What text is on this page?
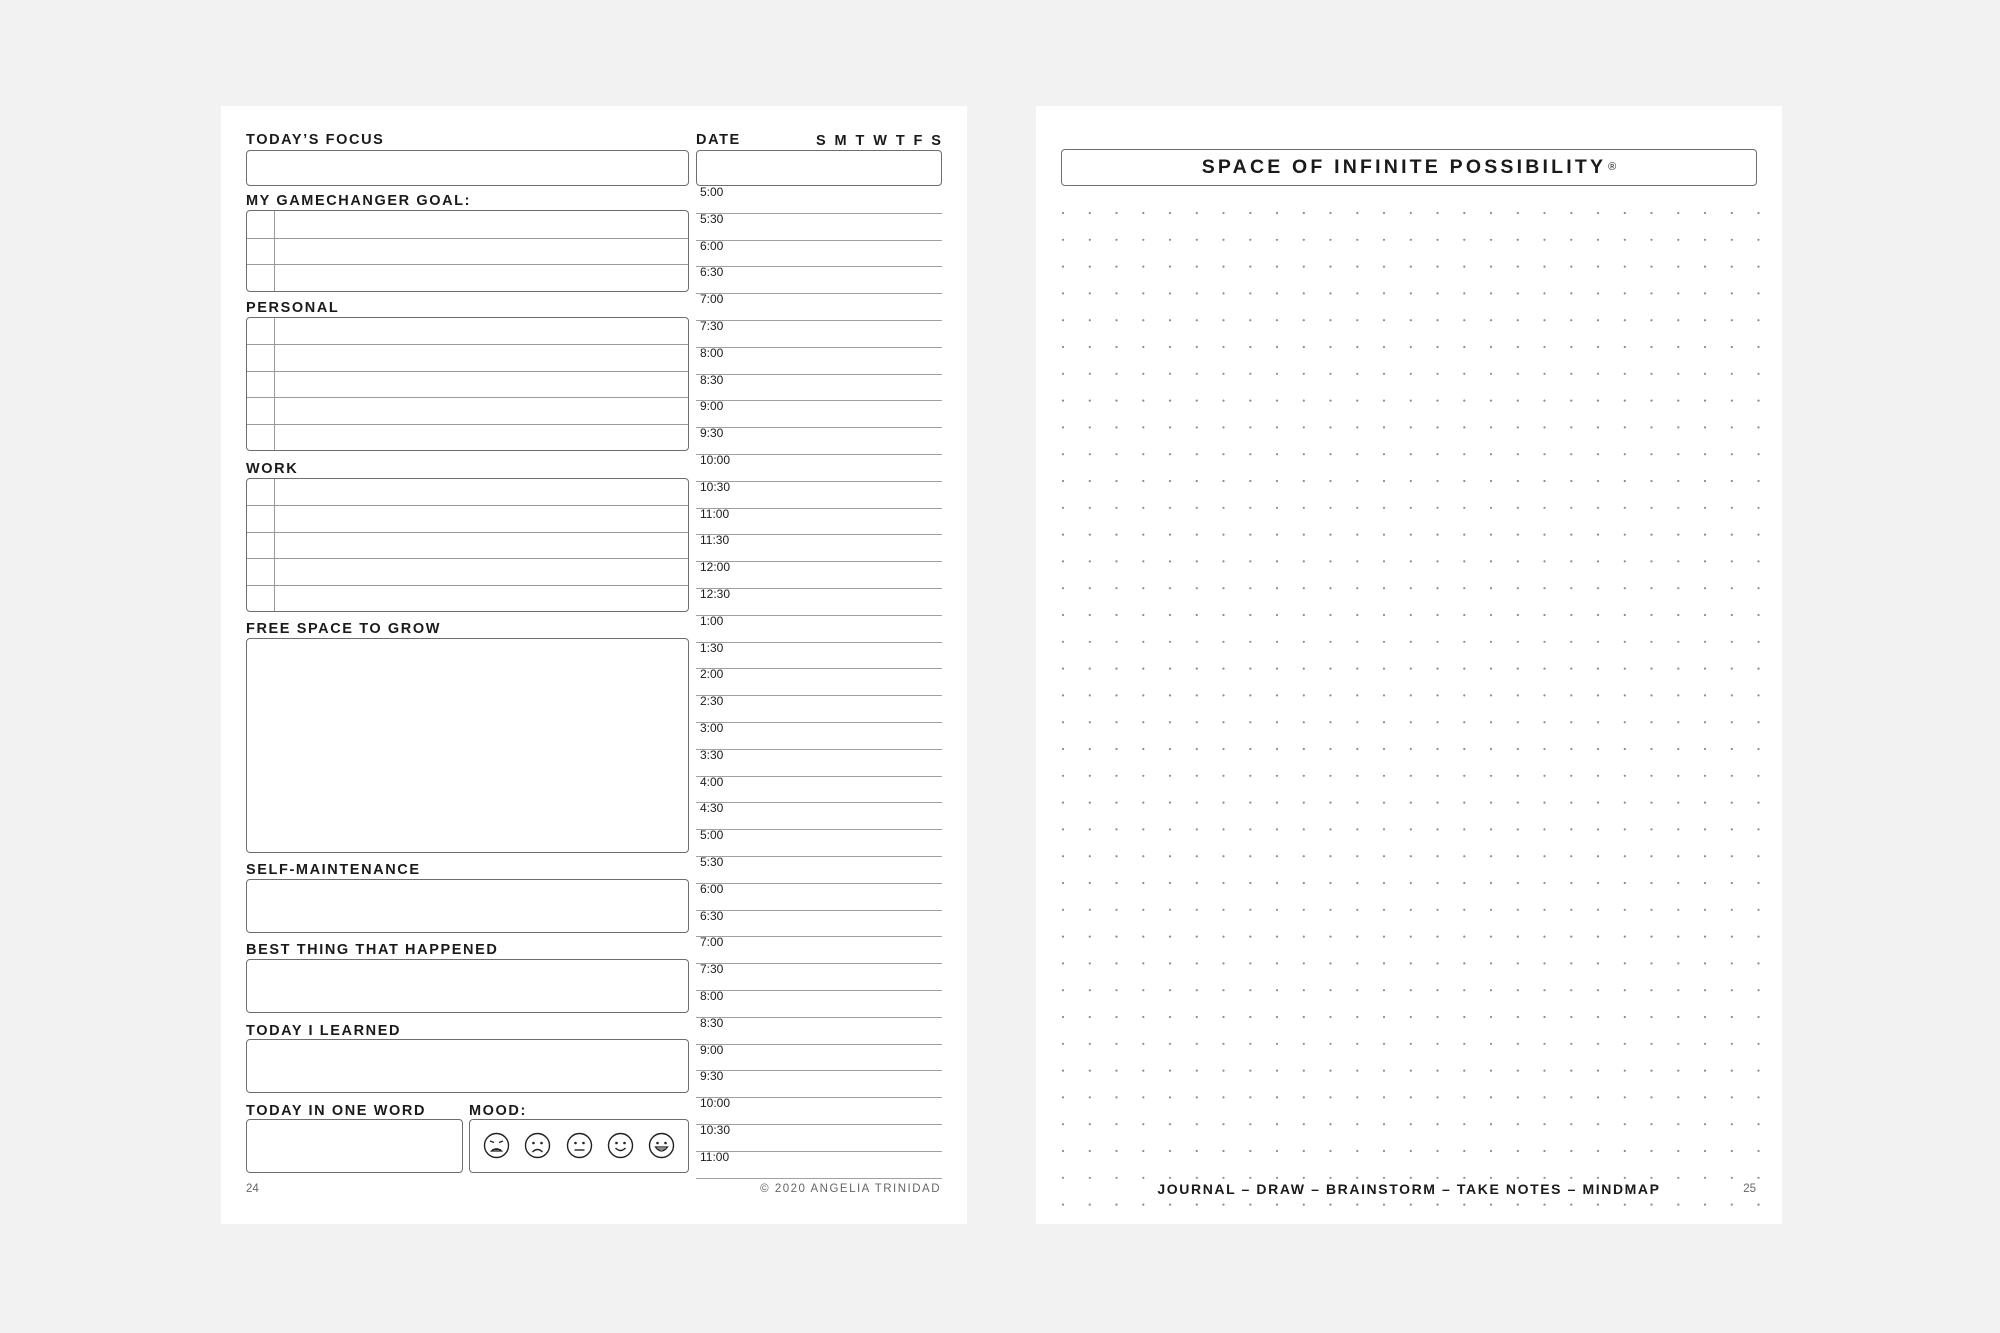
TODAY’S FOCUS	DATE	S M T W T F S
MY GAMECHANGER GOAL:
PERSONAL
WORK
FREE SPACE TO GROW
SELF-MAINTENANCE
BEST THING THAT HAPPENED
TODAY I LEARNED
TODAY IN ONE WORD	MOOD:
5:00
5:30
6:00
6:30
7:00
7:30
8:00
8:30
9:00
9:30
10:00
10:30
11:00
11:30
12:00
12:30
1:00
1:30
2:00
2:30
3:00
3:30
4:00
4:30
5:00
5:30
6:00
6:30
7:00
7:30
8:00
8:30
9:00
9:30
10:00
10:30
11:00
24	© 2020 ANGELIA TRINIDAD
SPACE OF INFINITE POSSIBILITY ®
JOURNAL – DRAW – BRAINSTORM – TAKE NOTES – MINDMAP	25
